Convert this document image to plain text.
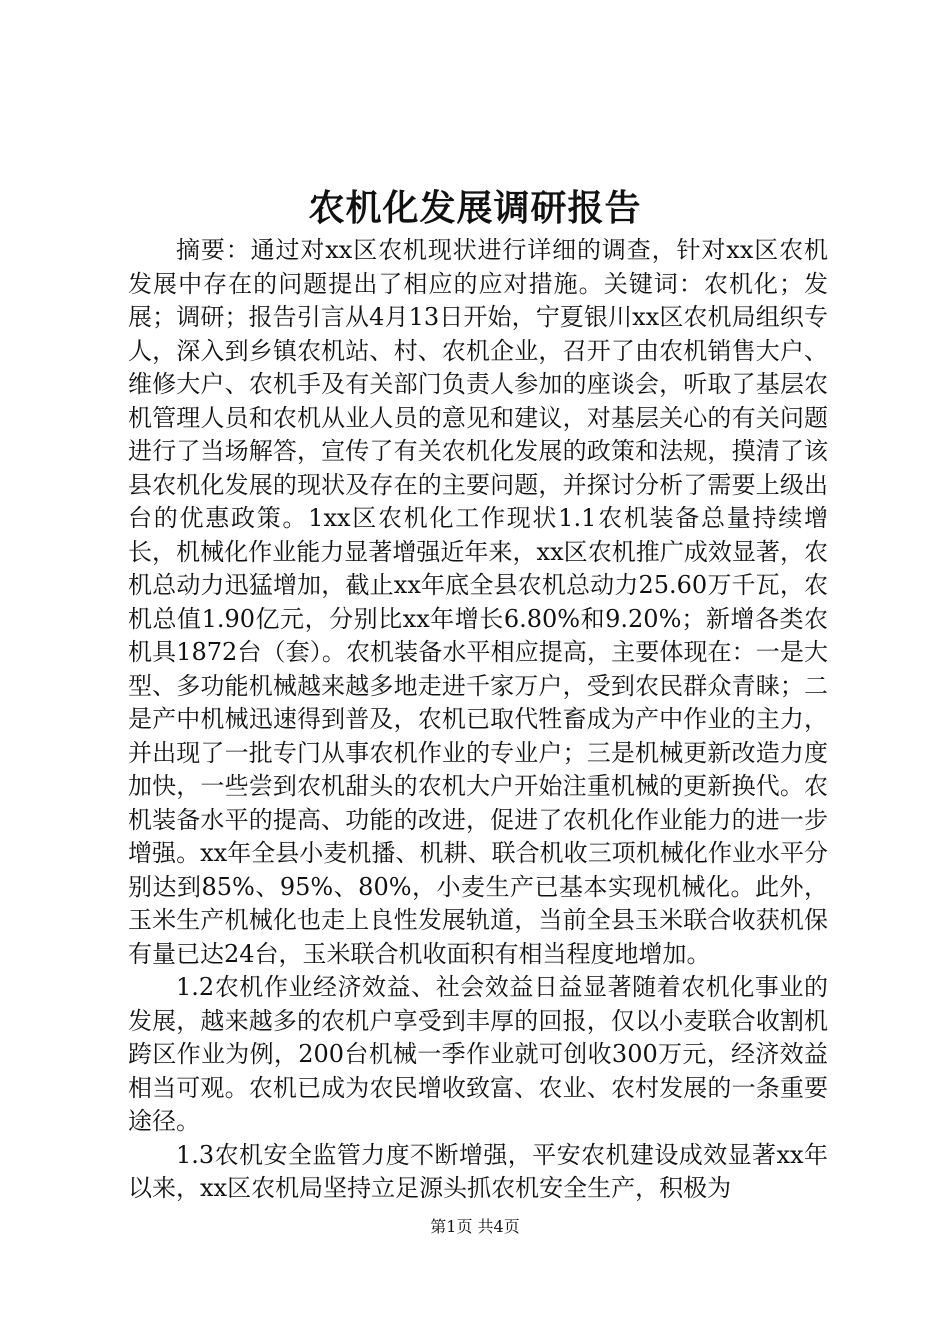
农机化发展调研报告

摘要：通过对xx区农机现状进行详细的调查，针对xx区农机发展中存在的问题提出了相应的应对措施。关键词：农机化；发展；调研；报告引言从4月13日开始，宁夏银川xx区农机局组织专人，深入到乡镇农机站、村、农机企业，召开了由农机销售大户、维修大户、农机手及有关部门负责人参加的座谈会，听取了基层农机管理人员和农机从业人员的意见和建议，对基层关心的有关问题进行了当场解答，宣传了有关农机化发展的政策和法规，摸清了该县农机化发展的现状及存在的主要问题，并探讨分析了需要上级出台的优惠政策。1xx区农机化工作现状1.1农机装备总量持续增长，机械化作业能力显著增强近年来，xx区农机推广成效显著，农机总动力迅猛增加，截止xx年底全县农机总动力25.60万千瓦，农机总值1.90亿元，分别比xx年增长6.80%和9.20%；新增各类农机具1872台（套）。农机装备水平相应提高，主要体现在：一是大型、多功能机械越来越多地走进千家万户，受到农民群众青睐；二是产中机械迅速得到普及，农机已取代牲畜成为产中作业的主力，并出现了一批专门从事农机作业的专业户；三是机械更新改造力度加快，一些尝到农机甜头的农机大户开始注重机械的更新换代。农机装备水平的提高、功能的改进，促进了农机化作业能力的进一步增强。xx年全县小麦机播、机耕、联合机收三项机械化作业水平分别达到85%、95%、80%，小麦生产已基本实现机械化。此外，玉米生产机械化也走上良性发展轨道，当前全县玉米联合收获机保有量已达24台，玉米联合机收面积有相当程度地增加。

1.2农机作业经济效益、社会效益日益显著随着农机化事业的发展，越来越多的农机户享受到丰厚的回报，仅以小麦联合收割机跨区作业为例，200台机械一季作业就可创收300万元，经济效益相当可观。农机已成为农民增收致富、农业、农村发展的一条重要途径。

1.3农机安全监管力度不断增强，平安农机建设成效显著xx年以来，xx区农机局坚持立足源头抓农机安全生产，积极为

第1页 共4页
